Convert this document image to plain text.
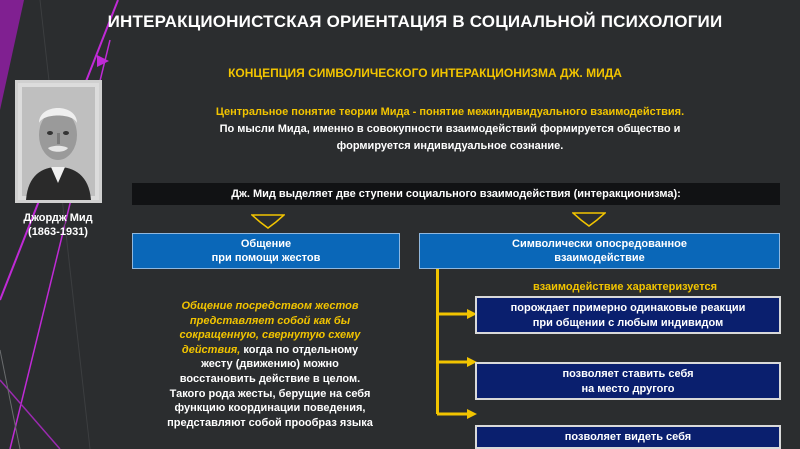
ИНТЕРАКЦИОНИСТСКАЯ ОРИЕНТАЦИЯ В СОЦИАЛЬНОЙ ПСИХОЛОГИИ
КОНЦЕПЦИЯ СИМВОЛИЧЕСКОГО ИНТЕРАКЦИОНИЗМА ДЖ. МИДА
Центральное понятие теории Мида - понятие межиндивидуального взаимодействия.
По мысли Мида, именно в совокупности взаимодействий формируется общество и
формируется индивидуальное сознание.
Джордж Мид
(1863-1931)
Дж. Мид выделяет две ступени социального взаимодействия (интеракционизма):
Общение
при помощи жестов
Символически опосредованное
взаимодействие
Общение посредством жестов
представляет собой как бы
сокращенную, свернутую схему
действия, когда по отдельному
жесту (движению) можно
восстановить действие в целом.
Такого рода жесты, берущие на себя
функцию координации поведения,
представляют собой прообраз языка
взаимодействие характеризуется
порождает примерно одинаковые реакции
при общении с любым индивидом
позволяет ставить себя
на место другого
позволяет видеть себя
